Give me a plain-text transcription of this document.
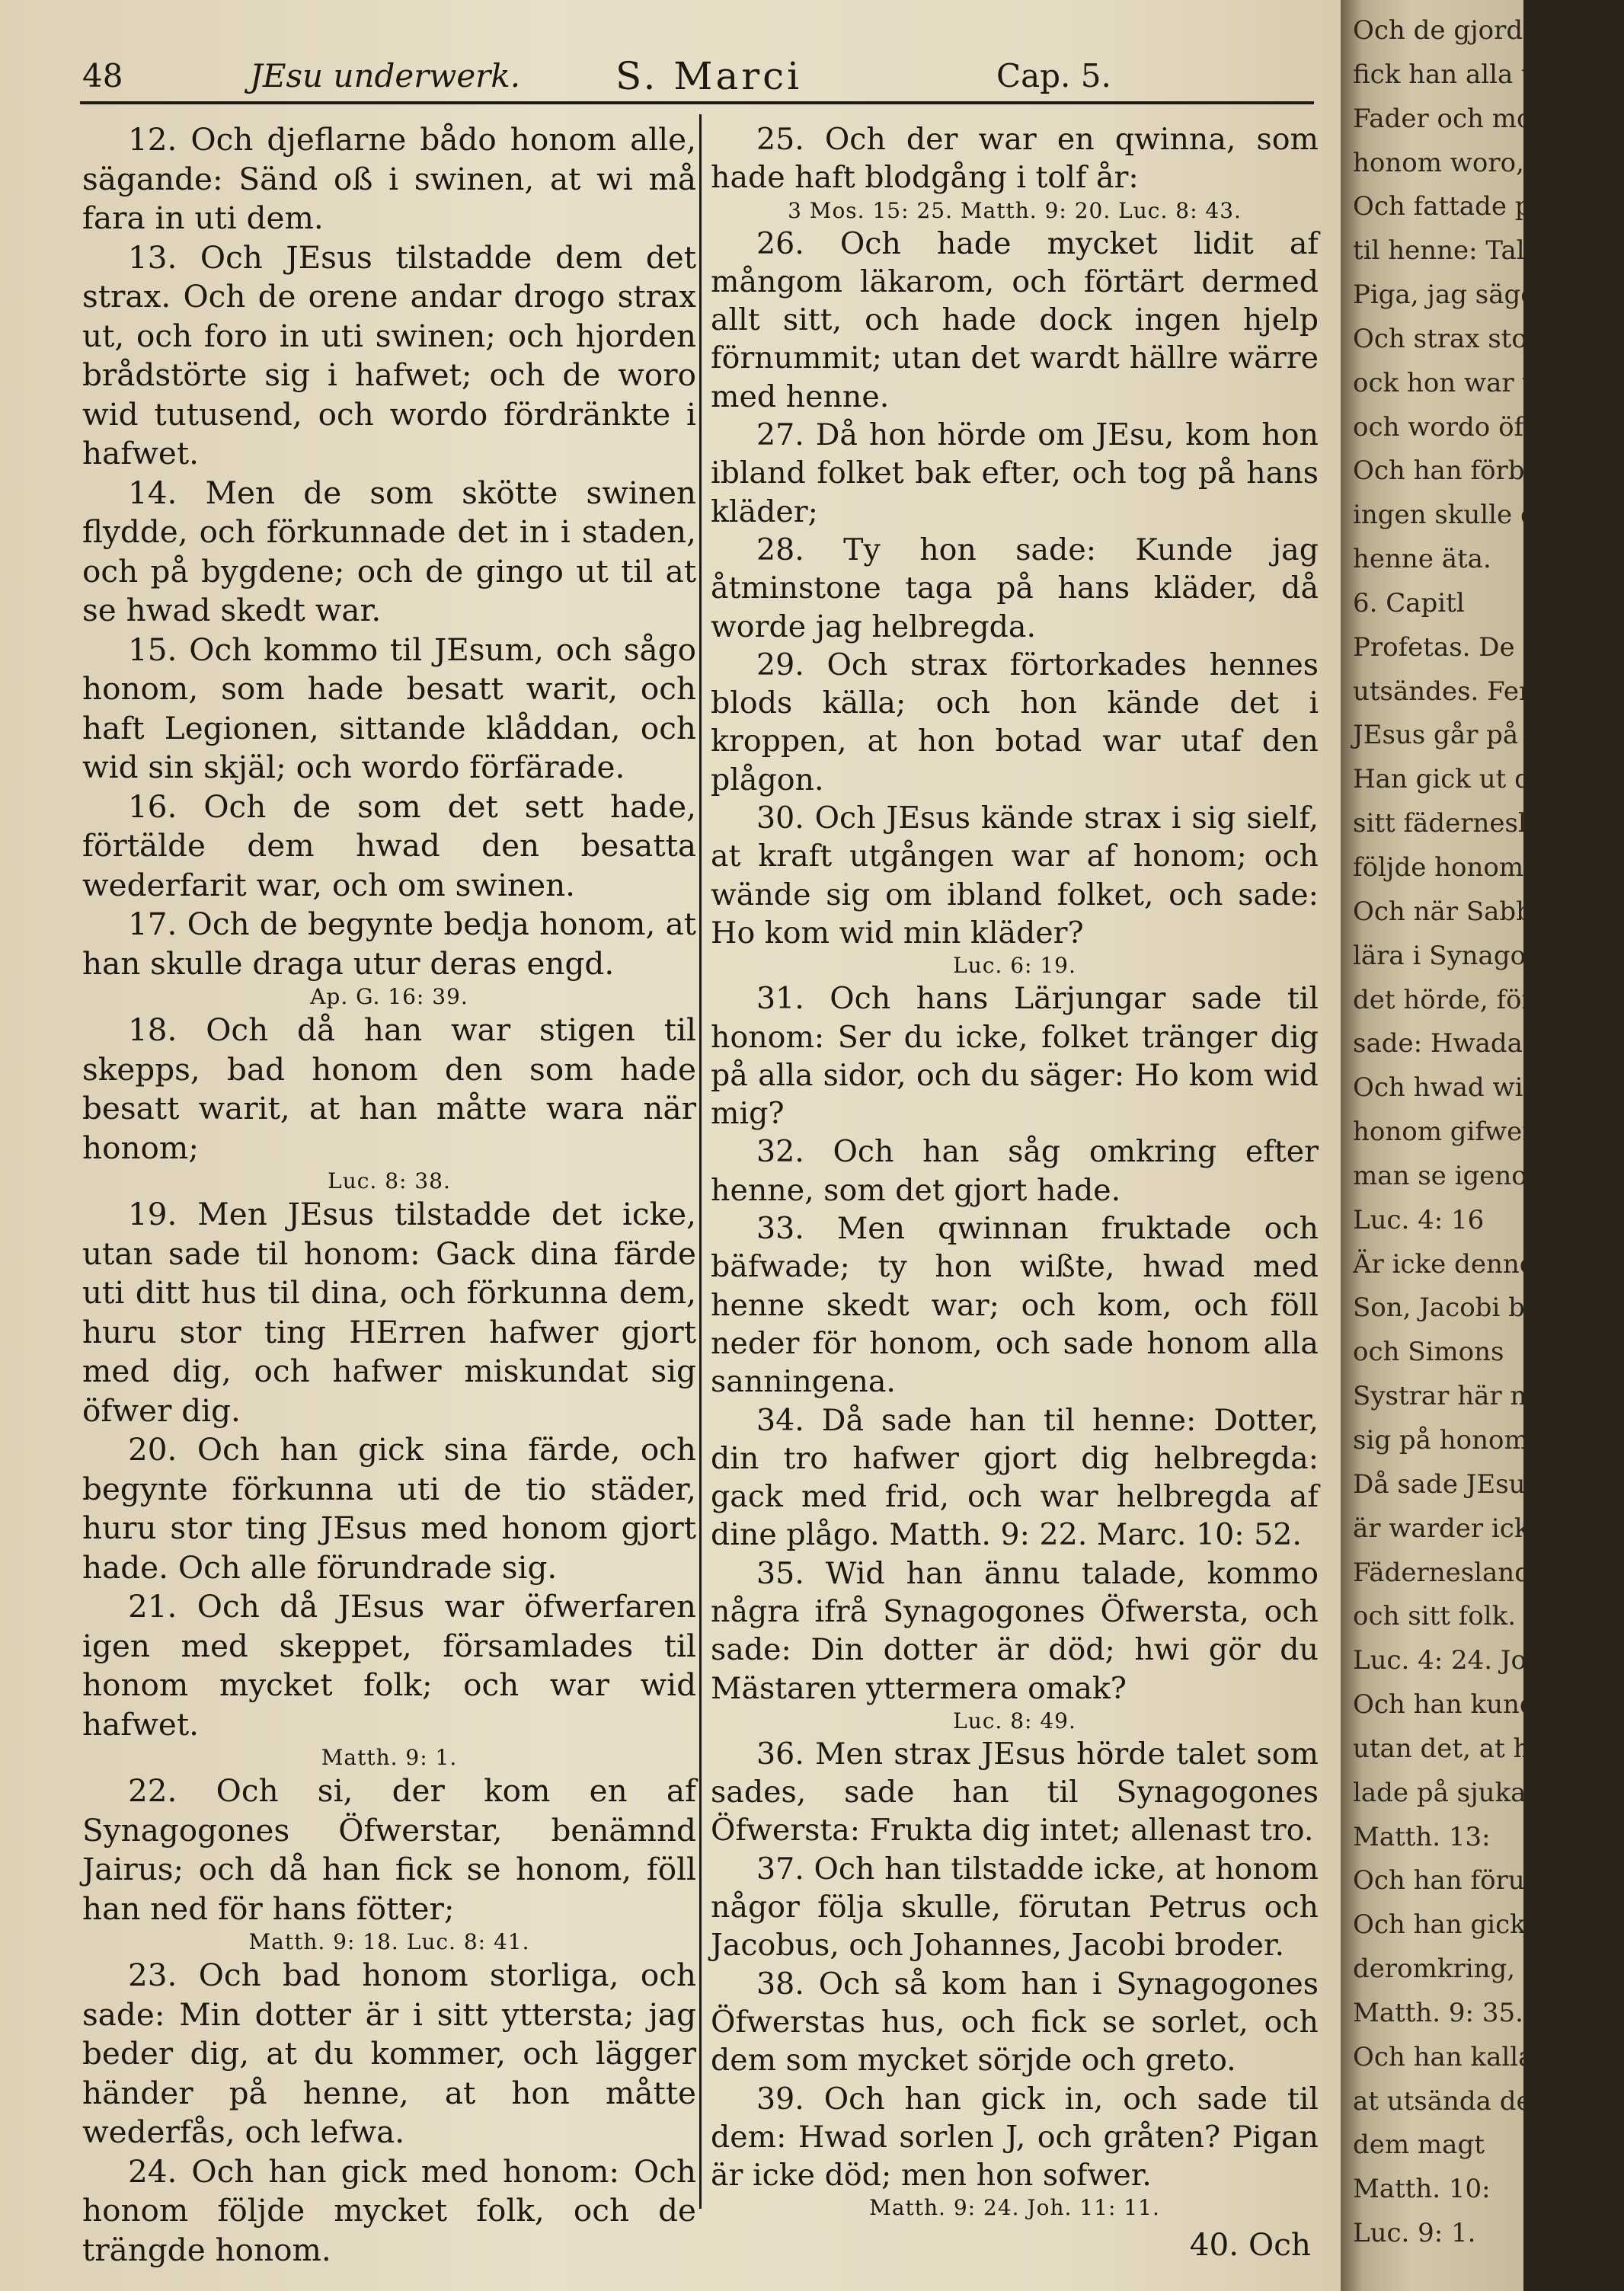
48	JEsu underwerk. S. Marci	Cap. 5.

12. Och djeflarne bådo honom alle, sägande: Sänd oß i swinen, at wi må fara in uti dem.

13. Och JEsus tilstadde dem det strax. Och de orene andar drogo strax ut, och foro in uti swinen; och hjorden brådstörte sig i hafwet; och de woro wid tutusend, och wordo fördränkte i hafwet.

14. Men de som skötte swinen flydde, och förkunnade det in i staden, och på bygdene; och de gingo ut til at se hwad skedt war.

15. Och kommo til JEsum, och sågo honom, som hade besatt warit, och haft Legionen, sittande klåddan, och wid sin skjäl; och wordo förfärade.

16. Och de som det sett hade, förtälde dem hwad den besatta wederfarit war, och om swinen.

17. Och de begynte bedja honom, at han skulle draga utur deras engd.

Ap. G. 16: 39.

18. Och då han war stigen til skepps, bad honom den som hade besatt warit, at han måtte wara när honom;

Luc. 8: 38.

19. Men JEsus tilstadde det icke, utan sade til honom: Gack dina färde uti ditt hus til dina, och förkunna dem, huru stor ting HErren hafwer gjort med dig, och hafwer miskundat sig öfwer dig.

20. Och han gick sina färde, och begynte förkunna uti de tio städer, huru stor ting JEsus med honom gjort hade. Och alle förundrade sig.

21. Och då JEsus war öfwerfaren igen med skeppet, församlades til honom mycket folk; och war wid hafwet.

Matth. 9: 1.

22. Och si, der kom en af Synagogones Öfwerstar, benämnd Jairus; och då han fick se honom, föll han ned för hans fötter;

Matth. 9: 18. Luc. 8: 41.

23. Och bad honom storliga, och sade: Min dotter är i sitt yttersta; jag beder dig, at du kommer, och lägger händer på henne, at hon måtte wederfås, och lefwa.

24. Och han gick med honom: Och honom följde mycket folk, och de trängde honom.

25. Och der war en qwinna, som hade haft blodgång i tolf år:

3 Mos. 15: 25. Matth. 9: 20. Luc. 8: 43.

26. Och hade mycket lidit af mångom läkarom, och förtärt dermed allt sitt, och hade dock ingen hjelp förnummit; utan det wardt hällre wärre med henne.

27. Då hon hörde om JEsu, kom hon ibland folket bak efter, och tog på hans kläder;

28. Ty hon sade: Kunde jag åtminstone taga på hans kläder, då worde jag helbregda.

29. Och strax förtorkades hennes blods källa; och hon kände det i kroppen, at hon botad war utaf den plågon.

30. Och JEsus kände strax i sig sielf, at kraft utgången war af honom; och wände sig om ibland folket, och sade: Ho kom wid min kläder?

Luc. 6: 19.

31. Och hans Lärjungar sade til honom: Ser du icke, folket tränger dig på alla sidor, och du säger: Ho kom wid mig?

32. Och han såg omkring efter henne, som det gjort hade.

33. Men qwinnan fruktade och bäfwade; ty hon wißte, hwad med henne skedt war; och kom, och föll neder för honom, och sade honom alla sanningena.

34. Då sade han til henne: Dotter, din tro hafwer gjort dig helbregda: gack med frid, och war helbregda af dine plågo. Matth. 9: 22. Marc. 10: 52.

35. Wid han ännu talade, kommo några ifrå Synagogones Öfwersta, och sade: Din dotter är död; hwi gör du Mästaren yttermera omak?

Luc. 8: 49.

36. Men strax JEsus hörde talet som sades, sade han til Synagogones Öfwersta: Frukta dig intet; allenast tro.

37. Och han tilstadde icke, at honom någor följa skulle, förutan Petrus och Jacobus, och Johannes, Jacobi broder.

38. Och så kom han i Synagogones Öfwerstas hus, och fick se sorlet, och dem som mycket sörjde och greto.

39. Och han gick in, och sade til dem: Hwad sorlen J, och gråten? Pigan är icke död; men hon sofwer.

Matth. 9: 24. Joh. 11: 11.

40. Och

Och de gjorde
fick han alla ut, och
Fader och moder,
honom woro, och g
Och fattade pigon
til henne: Tali
Piga, jag säger
Och strax stod
ock hon war wid t
och wordo öfwermåt
Och han förböd
ingen skulle det
henne äta.
6. Capitl
Profetas. De tolf
utsändes. Femtuse
JEsus går på
Han gick ut dädan
sitt fädernesland
följde honom.
Och när Sabbath
lära i Synago
det hörde, föru
sade: Hwadan
Och hwad wis
honom gifwen är,
man se igenom h
Luc. 4: 16
Är icke denne den
Son, Jacobi b
och Simons
Systrar här när o
sig på honom.
Då sade JEsus
är warder icke f
Fädernesland, och i
och sitt folk.
Luc. 4: 24. Joh
Och han kunde
utan det, at h
lade på sjuka, o
Matth. 13:
Och han förundr
Och han gick
deromkring,
Matth. 9: 35.
Och han kallade
at utsända dem
dem magt
Matth. 10:
Luc. 9: 1.
